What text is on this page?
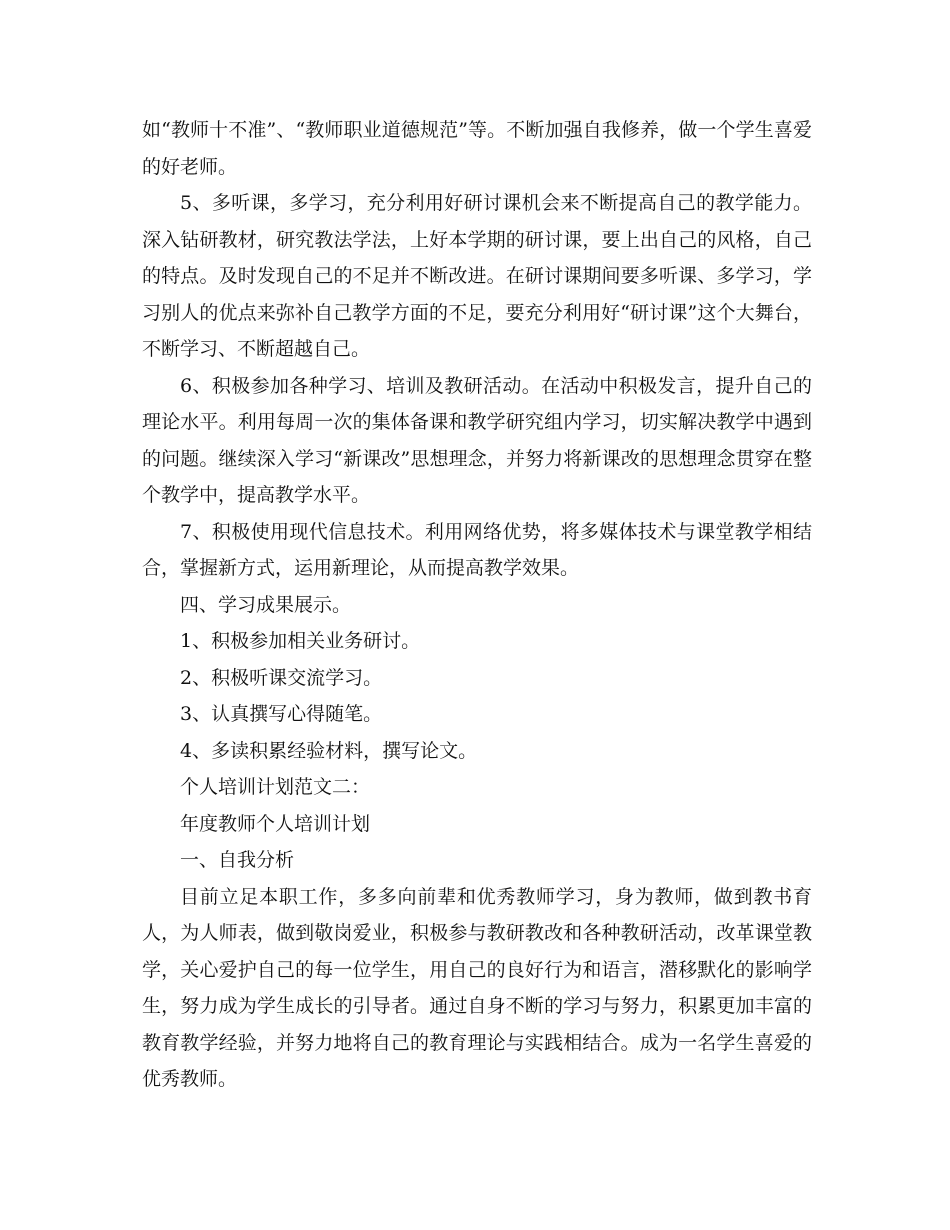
如“教师十不准”、“教师职业道德规范”等。不断加强自我修养，做一个学生喜爱的好老师。

5、多听课，多学习，充分利用好研讨课机会来不断提高自己的教学能力。深入钻研教材，研究教法学法，上好本学期的研讨课，要上出自己的风格，自己的特点。及时发现自己的不足并不断改进。在研讨课期间要多听课、多学习，学习别人的优点来弥补自己教学方面的不足，要充分利用好“研讨课”这个大舞台，不断学习、不断超越自己。

6、积极参加各种学习、培训及教研活动。在活动中积极发言，提升自己的理论水平。利用每周一次的集体备课和教学研究组内学习，切实解决教学中遇到的问题。继续深入学习“新课改”思想理念，并努力将新课改的思想理念贯穿在整个教学中，提高教学水平。

7、积极使用现代信息技术。利用网络优势，将多媒体技术与课堂教学相结合，掌握新方式，运用新理论，从而提高教学效果。

四、学习成果展示。

1、积极参加相关业务研讨。

2、积极听课交流学习。

3、认真撰写心得随笔。

4、多读积累经验材料，撰写论文。

个人培训计划范文二：

年度教师个人培训计划

一、自我分析

目前立足本职工作，多多向前辈和优秀教师学习，身为教师，做到教书育人，为人师表，做到敬岗爱业，积极参与教研教改和各种教研活动，改革课堂教学，关心爱护自己的每一位学生，用自己的良好行为和语言，潜移默化的影响学生，努力成为学生成长的引导者。通过自身不断的学习与努力，积累更加丰富的教育教学经验，并努力地将自己的教育理论与实践相结合。成为一名学生喜爱的优秀教师。
